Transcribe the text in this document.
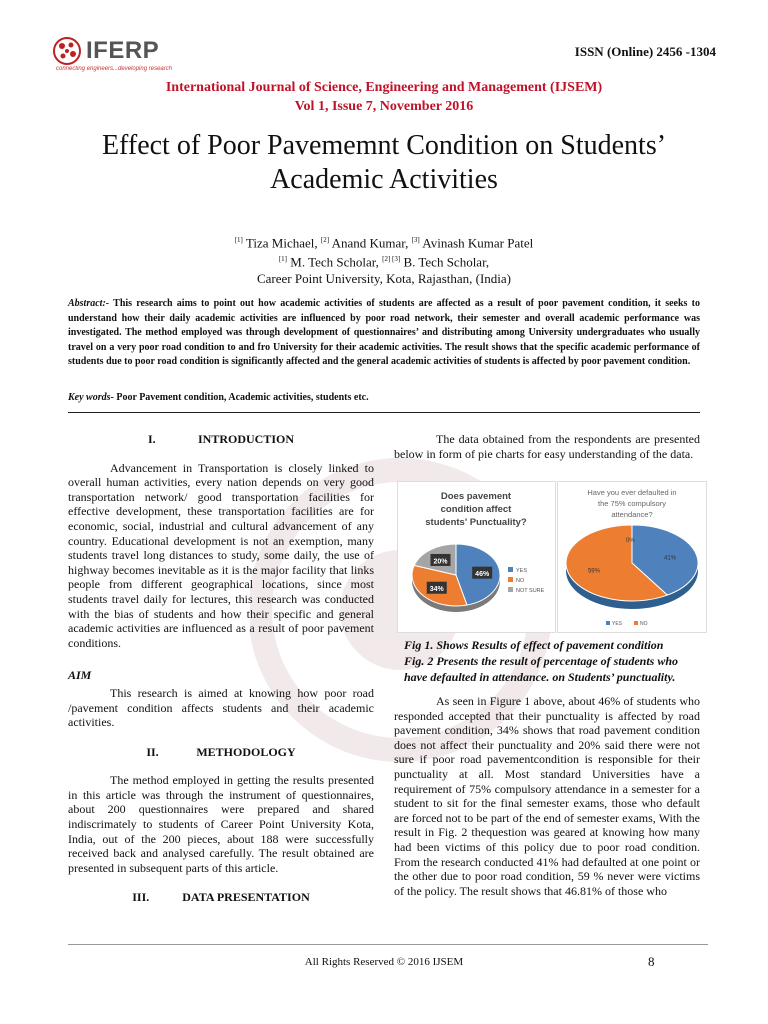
IFERP
connecting engineers...developing research
ISSN (Online) 2456 -1304
International Journal of Science, Engineering and Management (IJSEM)
Vol 1, Issue 7, November 2016
Effect of Poor Pavememnt Condition on Students’
Academic Activities
[1] Tiza Michael, [2] Anand Kumar, [3] Avinash Kumar Patel
[1] M. Tech Scholar, [2] [3] B. Tech Scholar,
Career Point University, Kota, Rajasthan, (India)
Abstract:- This research aims to point out how academic activities of students are affected as a result of poor pavement condition, it seeks to understand how their daily academic activities are influenced by poor road network, their semester and overall academic performance was investigated. The method employed was through development of questionnaires’ and distributing among University undergraduates who usually travel on a very poor road condition to and fro University for their academic activities. The result shows that the specific academic performance of students due to poor road condition is significantly affected and the general academic activities of students is affected by poor pavement condition.
Key words- Poor Pavement condition, Academic activities, students etc.
I.	INTRODUCTION
Advancement in Transportation is closely linked to overall human activities, every nation depends on very good transportation network/ good transportation facilities for effective development, these transportation facilities are for economic, social, industrial and cultural advancement of any country. Educational development is not an exemption, many students travel long distances to study, some daily, the use of highway becomes inevitable as it is the major facility that links people from different geographical locations, since most students travel daily for lectures, this research was conducted with the bias of students and how their specific and general academic activities are influenced as a result of poor pavement conditions.
AIM
This research is aimed at knowing how poor road /pavement condition affects students and their academic activities.
II.	METHODOLOGY
The method employed in getting the results presented in this article was through the instrument of questionnaires, about 200 questionnaires were prepared and shared indiscrimately to students of Career Point University Kota, India, out of the 200 pieces, about 188 were successfully received back and analysed carefully. The result obtained are presented in subsequent parts of this article.
III.	DATA PRESENTATION
The data obtained from the respondents are presented below in form of pie charts for easy understanding of the data.
Does pavement
condition affect
students' Punctuality?
46%
34%
20%
YES
NO
NOT SURE
Have you ever defaulted in
the 75% compulsory
attendance?
41%
59%
0%
YES	NO
Fig 1. Shows Results of effect of pavement condition
Fig. 2 Presents the result of percentage of students who have defaulted in attendance. on Students’ punctuality.
As seen in Figure 1 above, about 46% of students who responded accepted that their punctuality is affected by road pavement condition, 34% shows that road pavement condition does not affect their punctuality and 20% said there were not sure if poor road pavementcondition is responsible for their punctuality at all. Most standard Universities have a requirement of 75% compulsory attendance in a semester for a student to sit for the final semester exams, those who default are forced not to be part of the end of semester exams, With the result in Fig. 2 thequestion was geared at knowing how many had been victims of this policy due to poor road condition. From the research conducted 41% had defaulted at one point or the other due to poor road condition, 59 % never were victims of the policy. The result shows that 46.81% of those who
All Rights Reserved © 2016 IJSEM	8
